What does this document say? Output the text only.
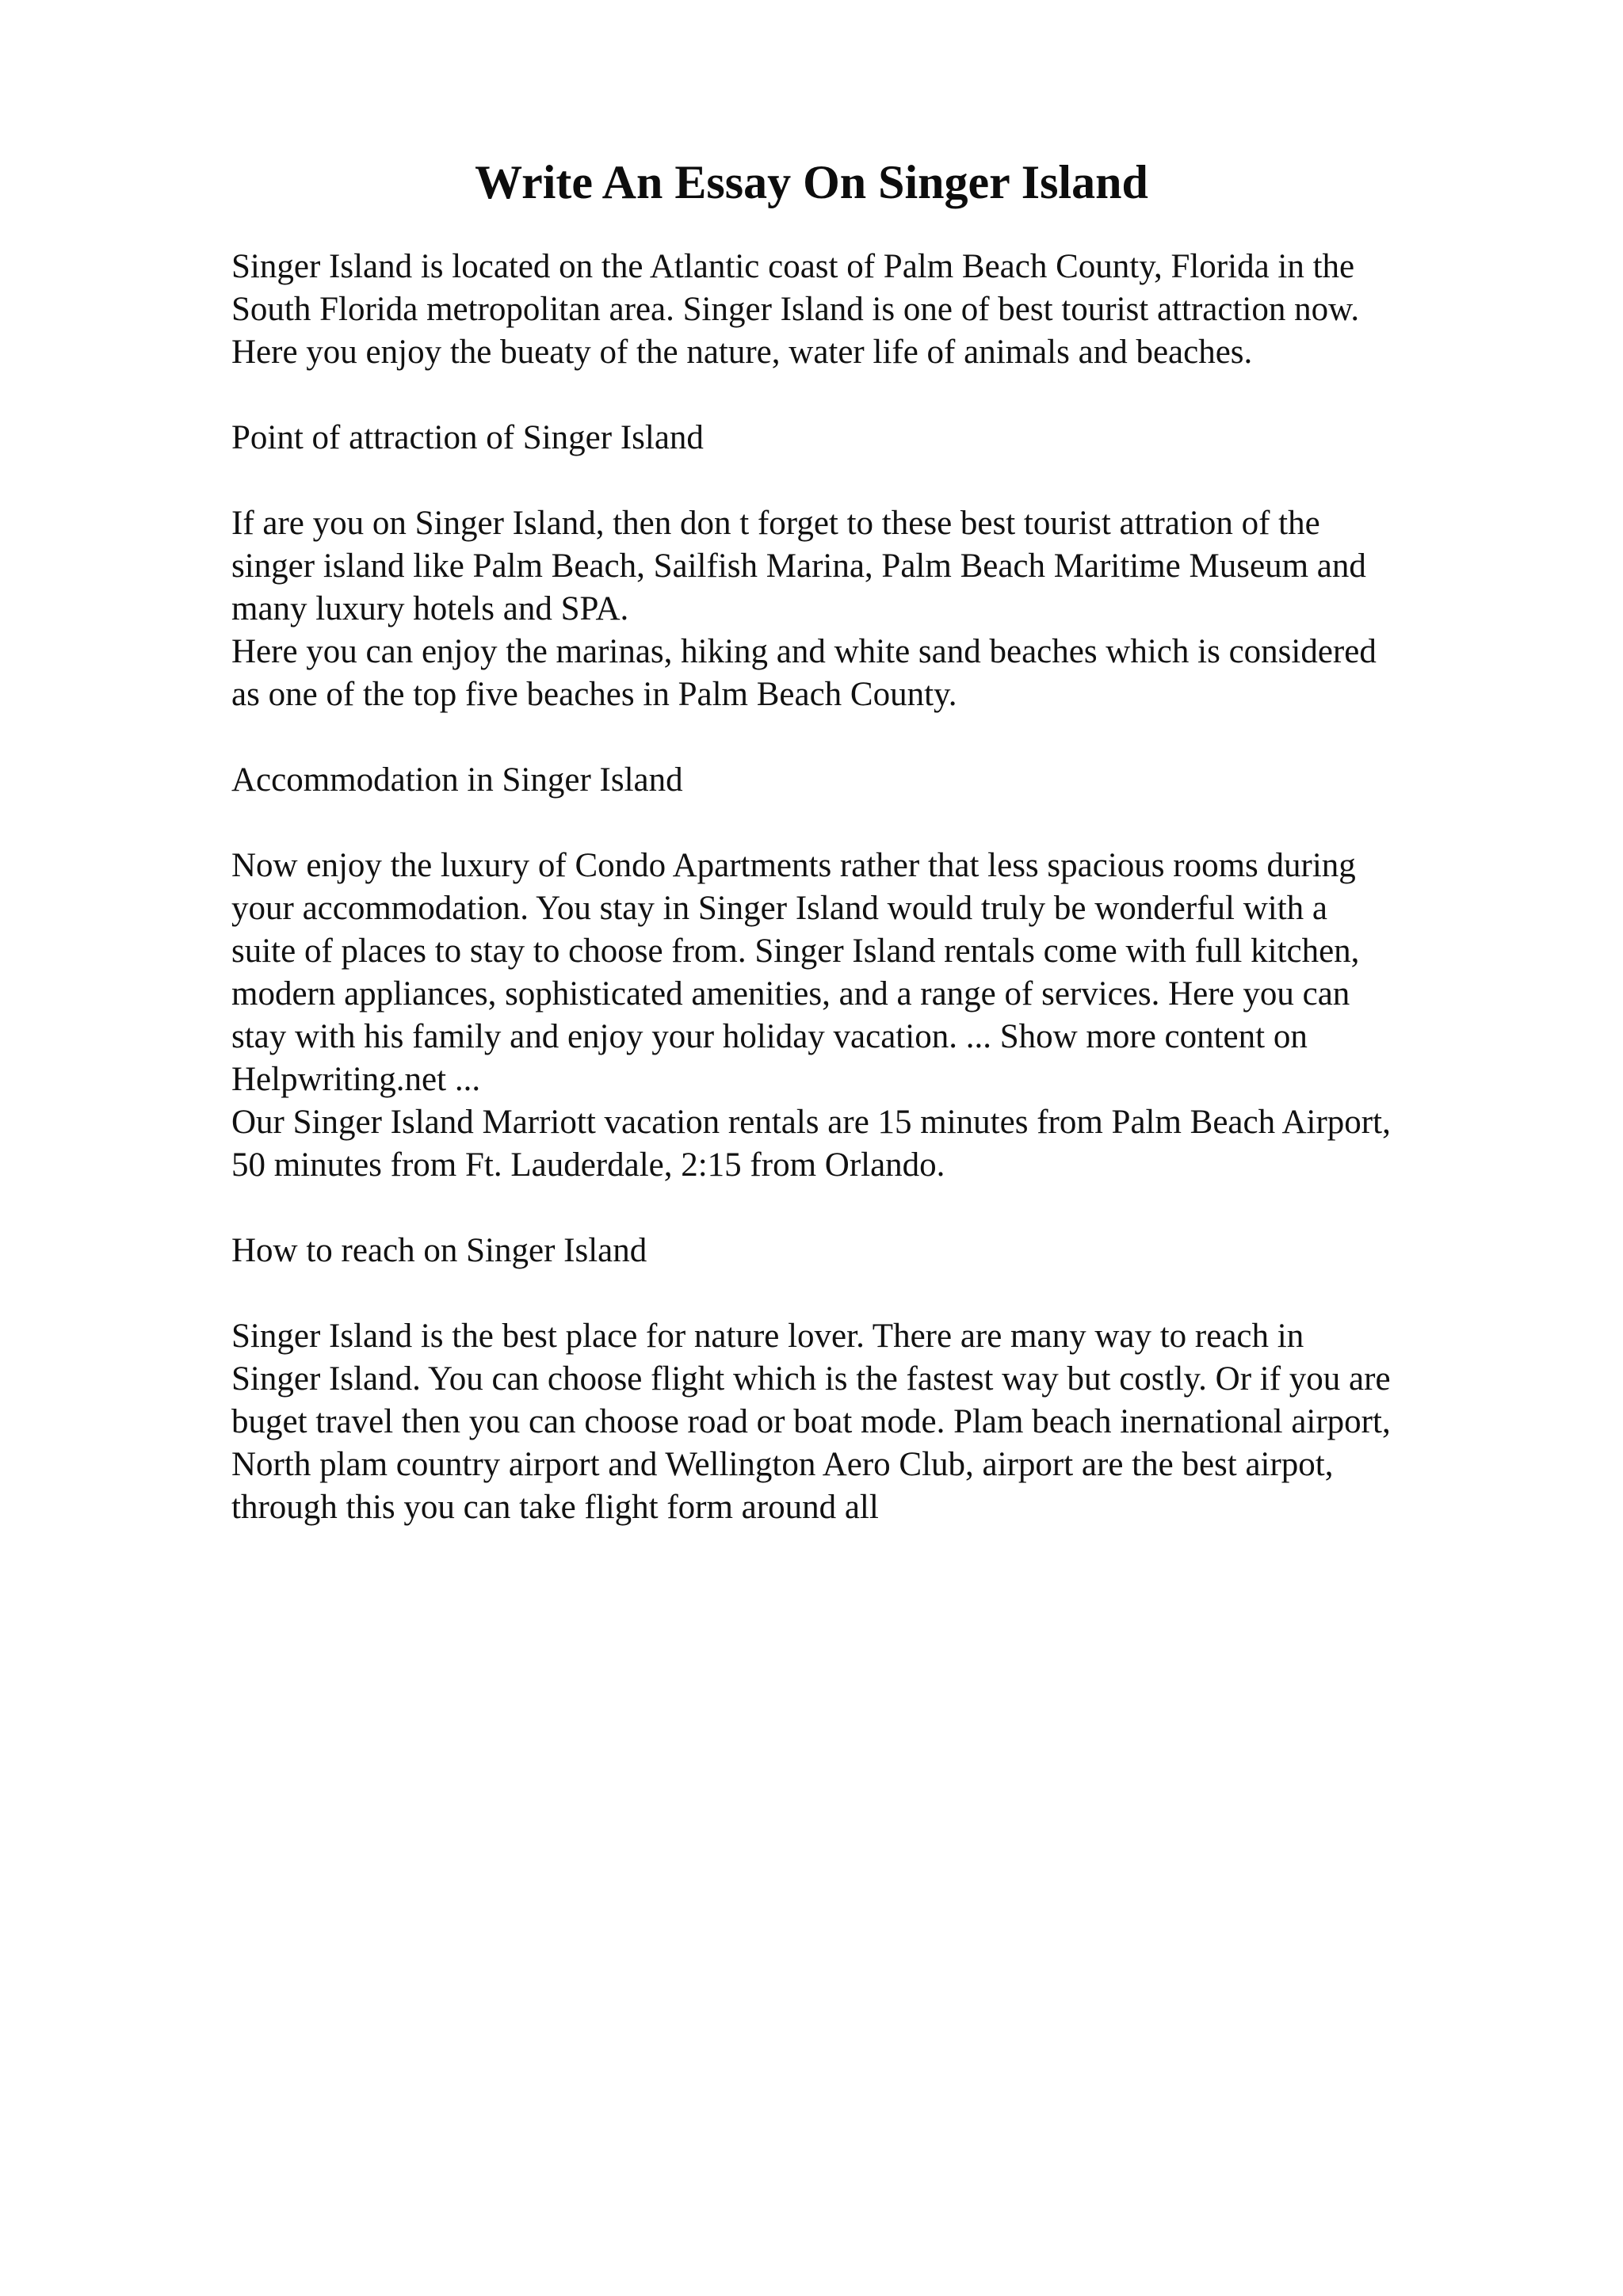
Write An Essay On Singer Island
Singer Island is located on the Atlantic coast of Palm Beach County, Florida in the
South Florida metropolitan area. Singer Island is one of best tourist attraction now.
Here you enjoy the bueaty of the nature, water life of animals and beaches.
Point of attraction of Singer Island
If are you on Singer Island, then don t forget to these best tourist attration of the
singer island like Palm Beach, Sailfish Marina, Palm Beach Maritime Museum and
many luxury hotels and SPA.
Here you can enjoy the marinas, hiking and white sand beaches which is considered
as one of the top five beaches in Palm Beach County.
Accommodation in Singer Island
Now enjoy the luxury of Condo Apartments rather that less spacious rooms during
your accommodation. You stay in Singer Island would truly be wonderful with a
suite of places to stay to choose from. Singer Island rentals come with full kitchen,
modern appliances, sophisticated amenities, and a range of services. Here you can
stay with his family and enjoy your holiday vacation. ... Show more content on
Helpwriting.net ...
Our Singer Island Marriott vacation rentals are 15 minutes from Palm Beach Airport,
50 minutes from Ft. Lauderdale, 2:15 from Orlando.
How to reach on Singer Island
Singer Island is the best place for nature lover. There are many way to reach in
Singer Island. You can choose flight which is the fastest way but costly. Or if you are
buget travel then you can choose road or boat mode. Plam beach inernational airport,
North plam country airport and Wellington Aero Club, airport are the best airpot,
through this you can take flight form around all
